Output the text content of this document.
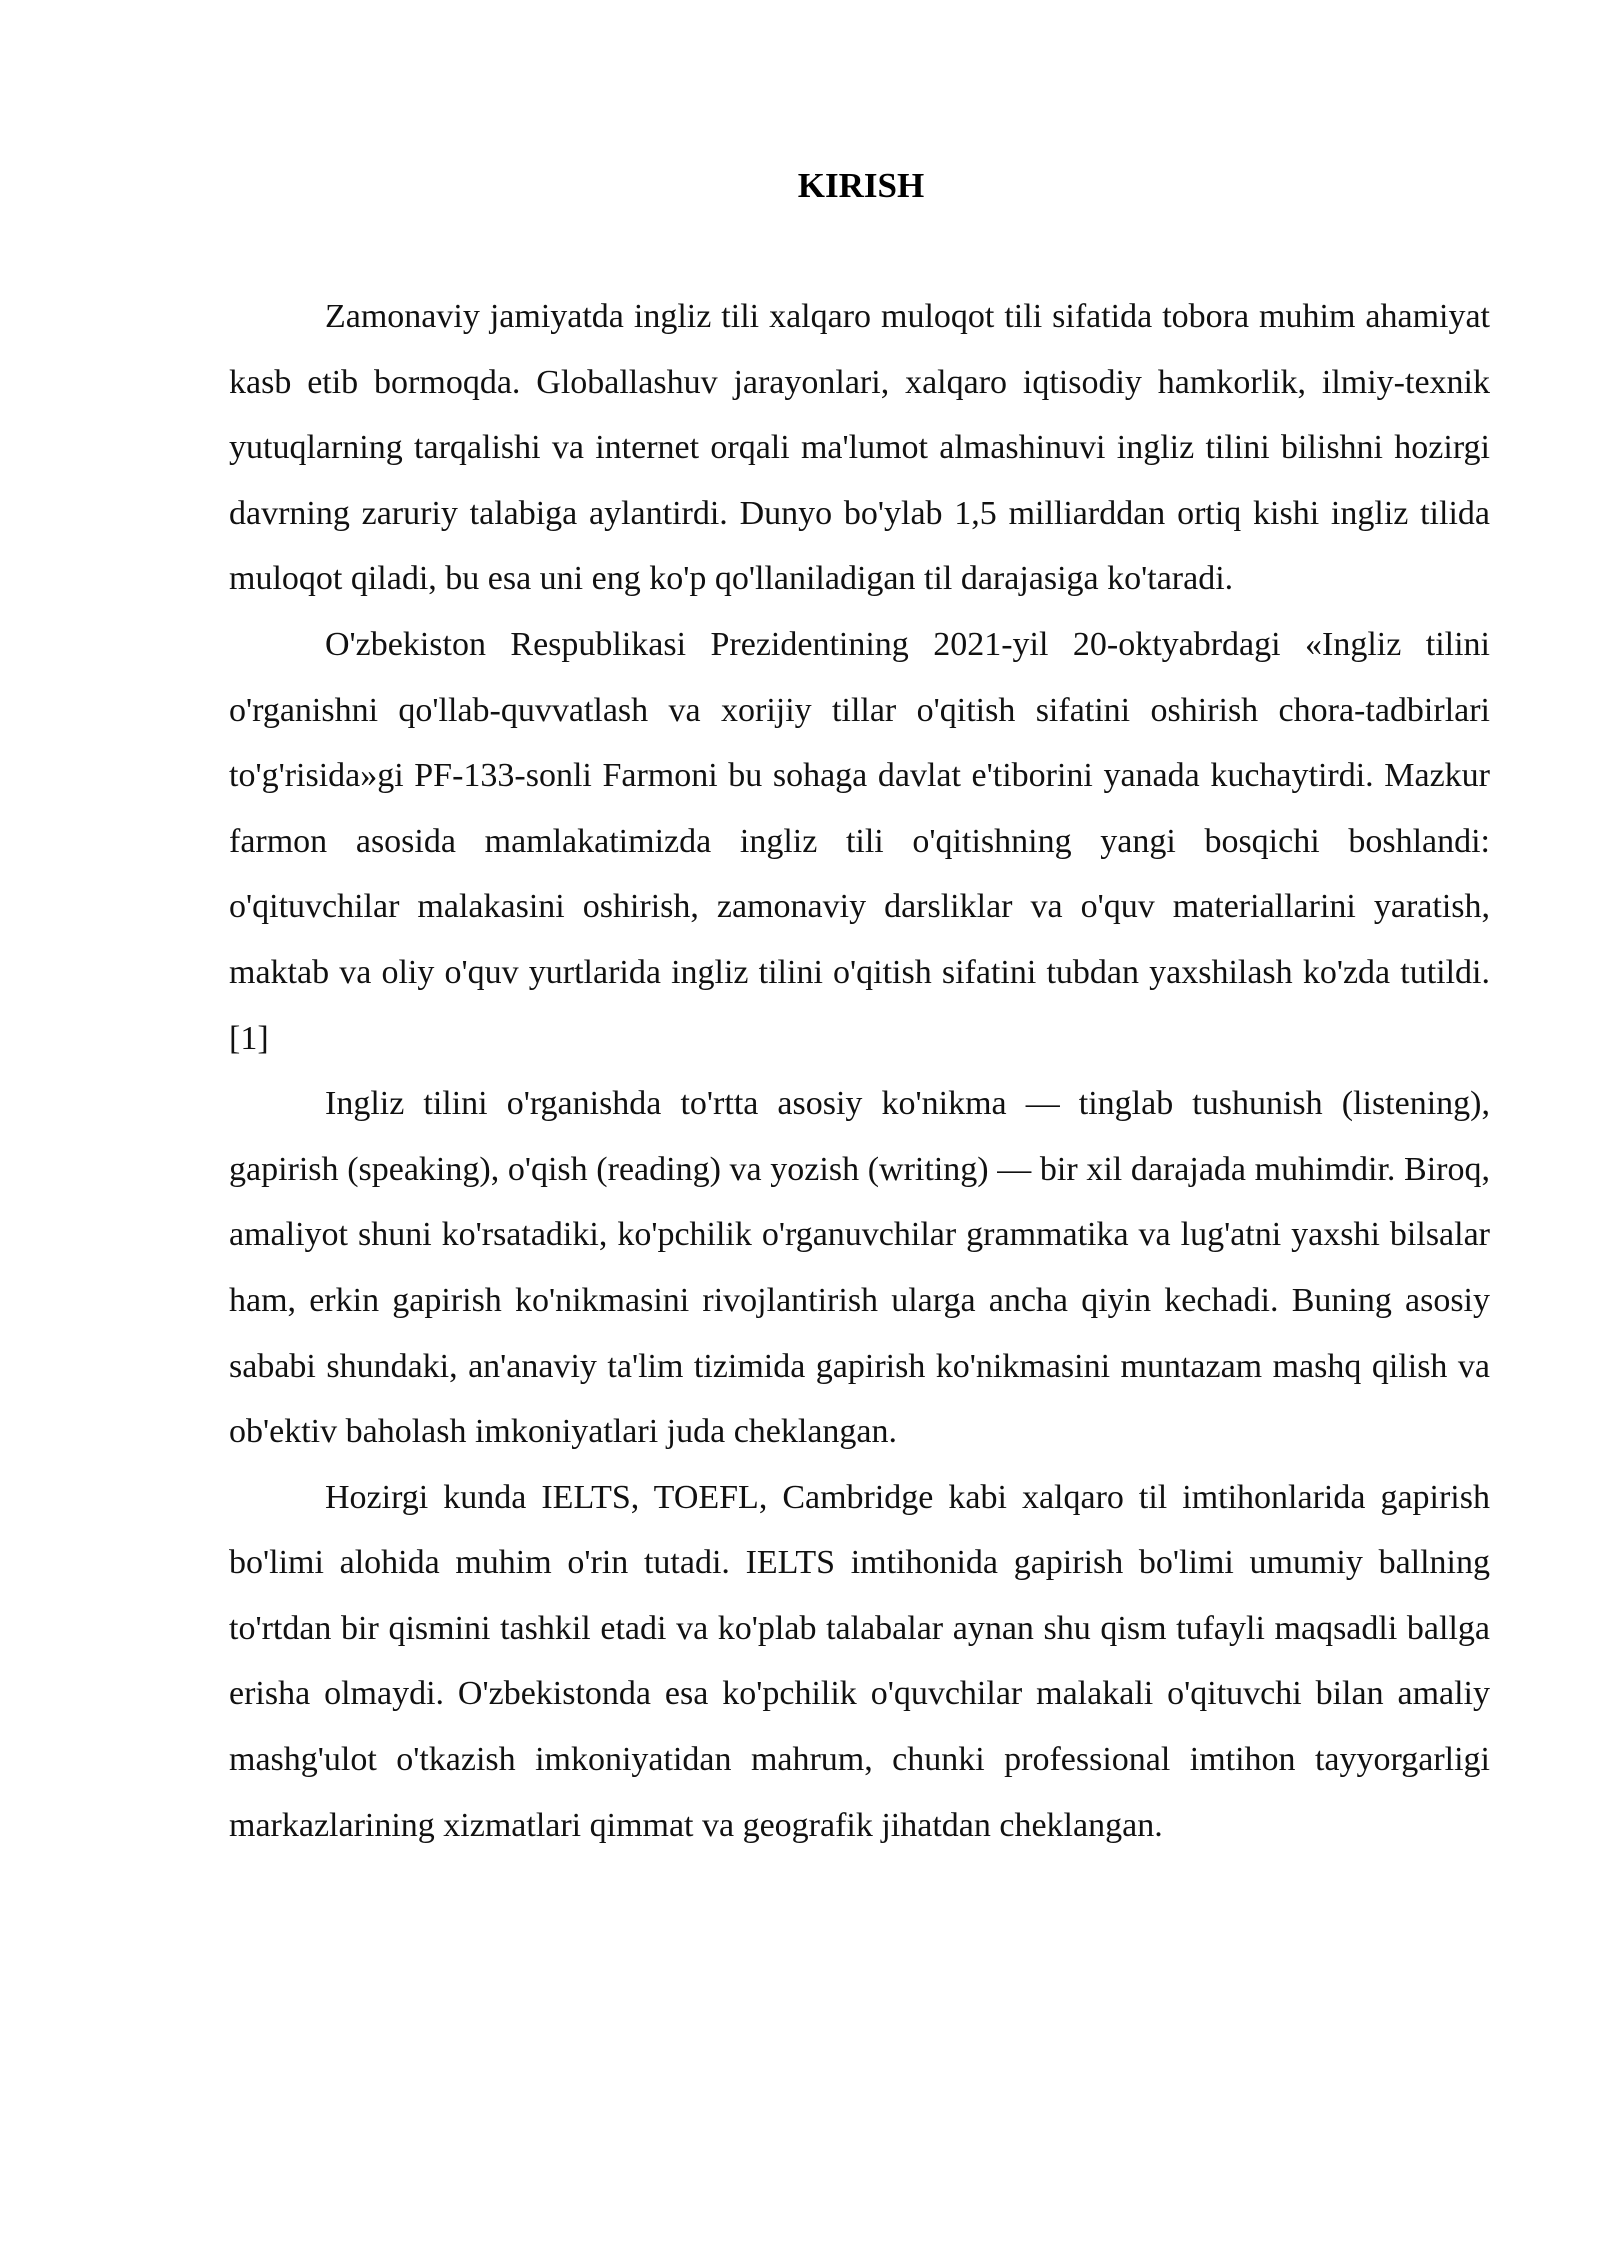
KIRISH

Zamonaviy jamiyatda ingliz tili xalqaro muloqot tili sifatida tobora muhim ahamiyat kasb etib bormoqda. Globallashuv jarayonlari, xalqaro iqtisodiy hamkorlik, ilmiy-texnik yutuqlarning tarqalishi va internet orqali ma'lumot almashinuvi ingliz tilini bilishni hozirgi davrning zaruriy talabiga aylantirdi. Dunyo bo'ylab 1,5 milliarddan ortiq kishi ingliz tilida muloqot qiladi, bu esa uni eng ko'p qo'llaniladigan til darajasiga ko'taradi.

O'zbekiston Respublikasi Prezidentining 2021-yil 20-oktyabrdagi «Ingliz tilini o'rganishni qo'llab-quvvatlash va xorijiy tillar o'qitish sifatini oshirish chora-tadbirlari to'g'risida»gi PF-133-sonli Farmoni bu sohaga davlat e'tiborini yanada kuchaytirdi. Mazkur farmon asosida mamlakatimizda ingliz tili o'qitishning yangi bosqichi boshlandi: o'qituvchilar malakasini oshirish, zamonaviy darsliklar va o'quv materiallarini yaratish, maktab va oliy o'quv yurtlarida ingliz tilini o'qitish sifatini tubdan yaxshilash ko'zda tutildi. [1]

Ingliz tilini o'rganishda to'rtta asosiy ko'nikma — tinglab tushunish (listening), gapirish (speaking), o'qish (reading) va yozish (writing) — bir xil darajada muhimdir. Biroq, amaliyot shuni ko'rsatadiki, ko'pchilik o'rganuvchilar grammatika va lug'atni yaxshi bilsalar ham, erkin gapirish ko'nikmasini rivojlantirish ularga ancha qiyin kechadi. Buning asosiy sababi shundaki, an'anaviy ta'lim tizimida gapirish ko'nikmasini muntazam mashq qilish va ob'ektiv baholash imkoniyatlari juda cheklangan.

Hozirgi kunda IELTS, TOEFL, Cambridge kabi xalqaro til imtihonlarida gapirish bo'limi alohida muhim o'rin tutadi. IELTS imtihonida gapirish bo'limi umumiy ballning to'rtdan bir qismini tashkil etadi va ko'plab talabalar aynan shu qism tufayli maqsadli ballga erisha olmaydi. O'zbekistonda esa ko'pchilik o'quvchilar malakali o'qituvchi bilan amaliy mashg'ulot o'tkazish imkoniyatidan mahrum, chunki professional imtihon tayyorgarligi markazlarining xizmatlari qimmat va geografik jihatdan cheklangan.
